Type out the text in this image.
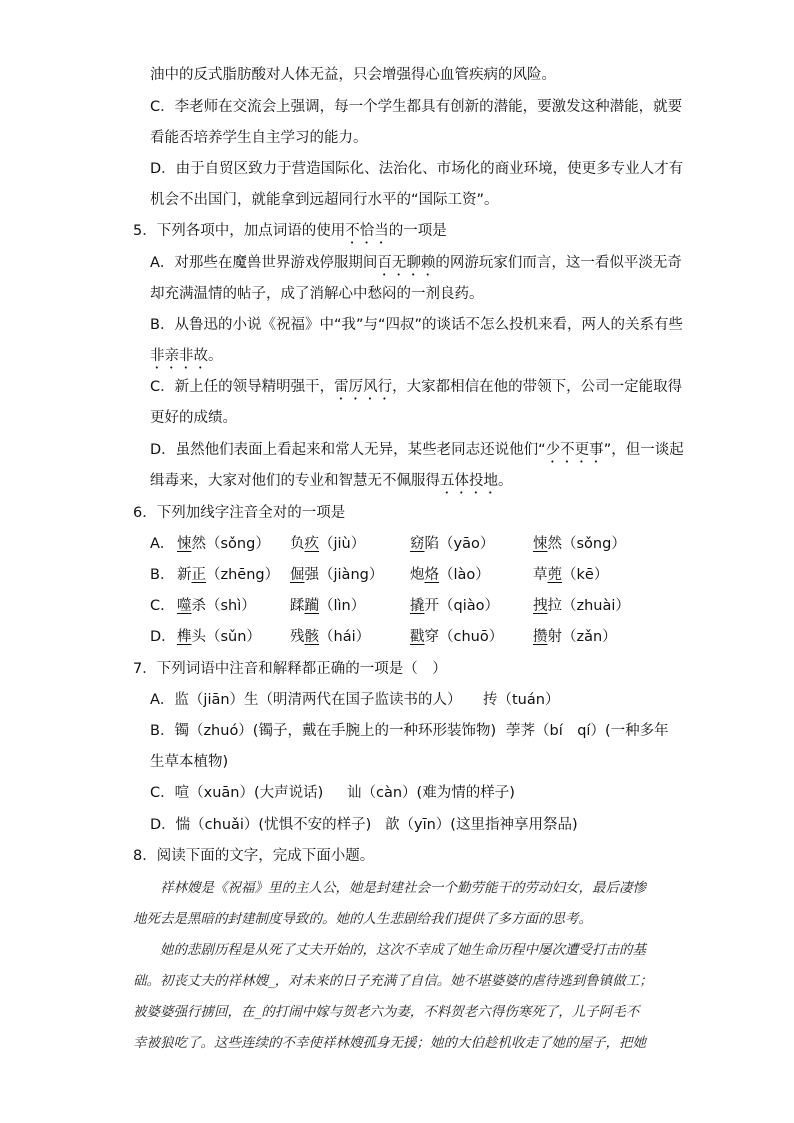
油中的反式脂肪酸对人体无益，只会增强得心血管疾病的风险。
C．李老师在交流会上强调，每一个学生都具有创新的潜能，要激发这种潜能，就要
看能否培养学生自主学习的能力。
D．由于自贸区致力于营造国际化、法治化、市场化的商业环境，使更多专业人才有
机会不出国门，就能拿到远超同行水平的“国际工资”。
5．下列各项中，加点词语的使用不恰当的一项是
A．对那些在魔兽世界游戏停服期间百无聊赖的网游玩家们而言，这一看似平淡无奇
却充满温情的帖子，成了消解心中愁闷的一剂良药。
B．从鲁迅的小说《祝福》中“我”与“四叔”的谈话不怎么投机来看，两人的关系有些
非亲非故。
C．新上任的领导精明强干，雷厉风行，大家都相信在他的带领下，公司一定能取得
更好的成绩。
D．虽然他们表面上看起来和常人无异，某些老同志还说他们“少不更事”，但一谈起
缉毒来，大家对他们的专业和智慧无不佩服得五体投地。
6．下列加线字注音全对的一项是
A． 悚然（sǒng） 负疚（jiù）	窈陷（yāo）	悚然（sǒng）
B． 新正（zhēng） 倔强（jiàng） 炮烙（lào）	草蔸（kē）
C． 噬杀（shì） 蹂躏（lìn）	撬开（qiào） 拽拉（zhuài）
D． 榫头（sǔn） 残骸（hái）	戳穿（chuō） 攒射（zǎn）
7．下列词语中注音和解释都正确的一项是（　）
A．监（jiān）生（明清两代在国子监读书的人） 抟（tuán）
B．镯（zhuó）(镯子，戴在手腕上的一种环形装饰物) 荸荠（bí　qí）(一种多年
生草本植物)
C．喧（xuān）(大声说话) 讪（càn）(难为情的样子)
D．惴（chuǎi）(忧惧不安的样子) 歆（yīn）(这里指神享用祭品)
8．阅读下面的文字，完成下面小题。
祥林嫂是《祝福》里的主人公，她是封建社会一个勤劳能干的劳动妇女，最后凄惨
地死去是黑暗的封建制度导致的。她的人生悲剧给我们提供了多方面的思考。
她的悲剧历程是从死了丈夫开始的，这次不幸成了她生命历程中屡次遭受打击的基
础。初丧丈夫的祥林嫂_，对未来的日子充满了自信。她不堪婆婆的虐待逃到鲁镇做工；
被婆婆强行掳回，在_的打闹中嫁与贺老六为妻，不料贺老六得伤寒死了，儿子阿毛不
幸被狼吃了。这些连续的不幸使祥林嫂孤身无援；她的大伯趁机收走了她的屋子，把她
